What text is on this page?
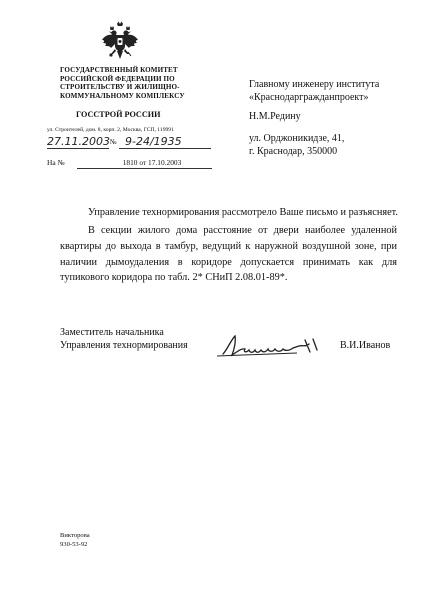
ГОСУДАРСТВЕННЫЙ КОМИТЕТ
РОССИЙСКОЙ ФЕДЕРАЦИИ ПО
СТРОИТЕЛЬСТВУ И ЖИЛИЩНО-
КОММУНАЛЬНОМУ КОМПЛЕКСУ
ГОССТРОЙ РОССИИ
ул. Строителей, дом. 8, корп. 2, Москва, ГСП, 119991
27.11.2003 № 9-24/1935
На №	1810 от 17.10.2003
Главному инженеру института
«Краснодаргражданпроект»
Н.М.Редину
ул. Орджоникидзе, 41,
г. Краснодар, 350000
Управление технормирования рассмотрело Ваше письмо и разъясняет.
В секции жилого дома расстояние от двери наиболее удаленной квартиры до выхода в тамбур, ведущий к наружной воздушной зоне, при наличии дымоудаления в коридоре допускается принимать как для тупикового коридора по табл. 2* СНиП 2.08.01-89*.
Заместитель начальника
Управления технормирования	В.И.Иванов
Викторова
930-53-92
